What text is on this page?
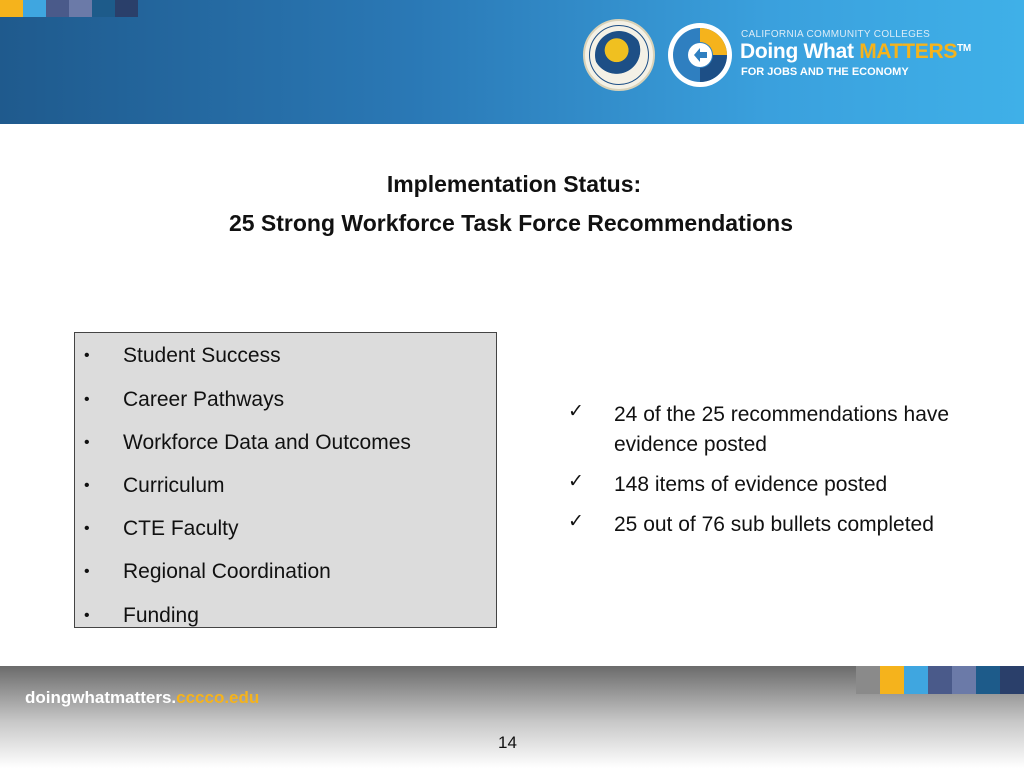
CALIFORNIA COMMUNITY COLLEGES
Doing What MATTERS™
FOR JOBS AND THE ECONOMY
Implementation Status:
25 Strong Workforce Task Force Recommendations
• Student Success
• Career Pathways
• Workforce Data and Outcomes
• Curriculum
• CTE Faculty
• Regional Coordination
• Funding
✓ 24 of the 25 recommendations have evidence posted
✓ 148 items of evidence posted
✓ 25 out of 76 sub bullets completed
doingwhatmatters.cccco.edu
14
